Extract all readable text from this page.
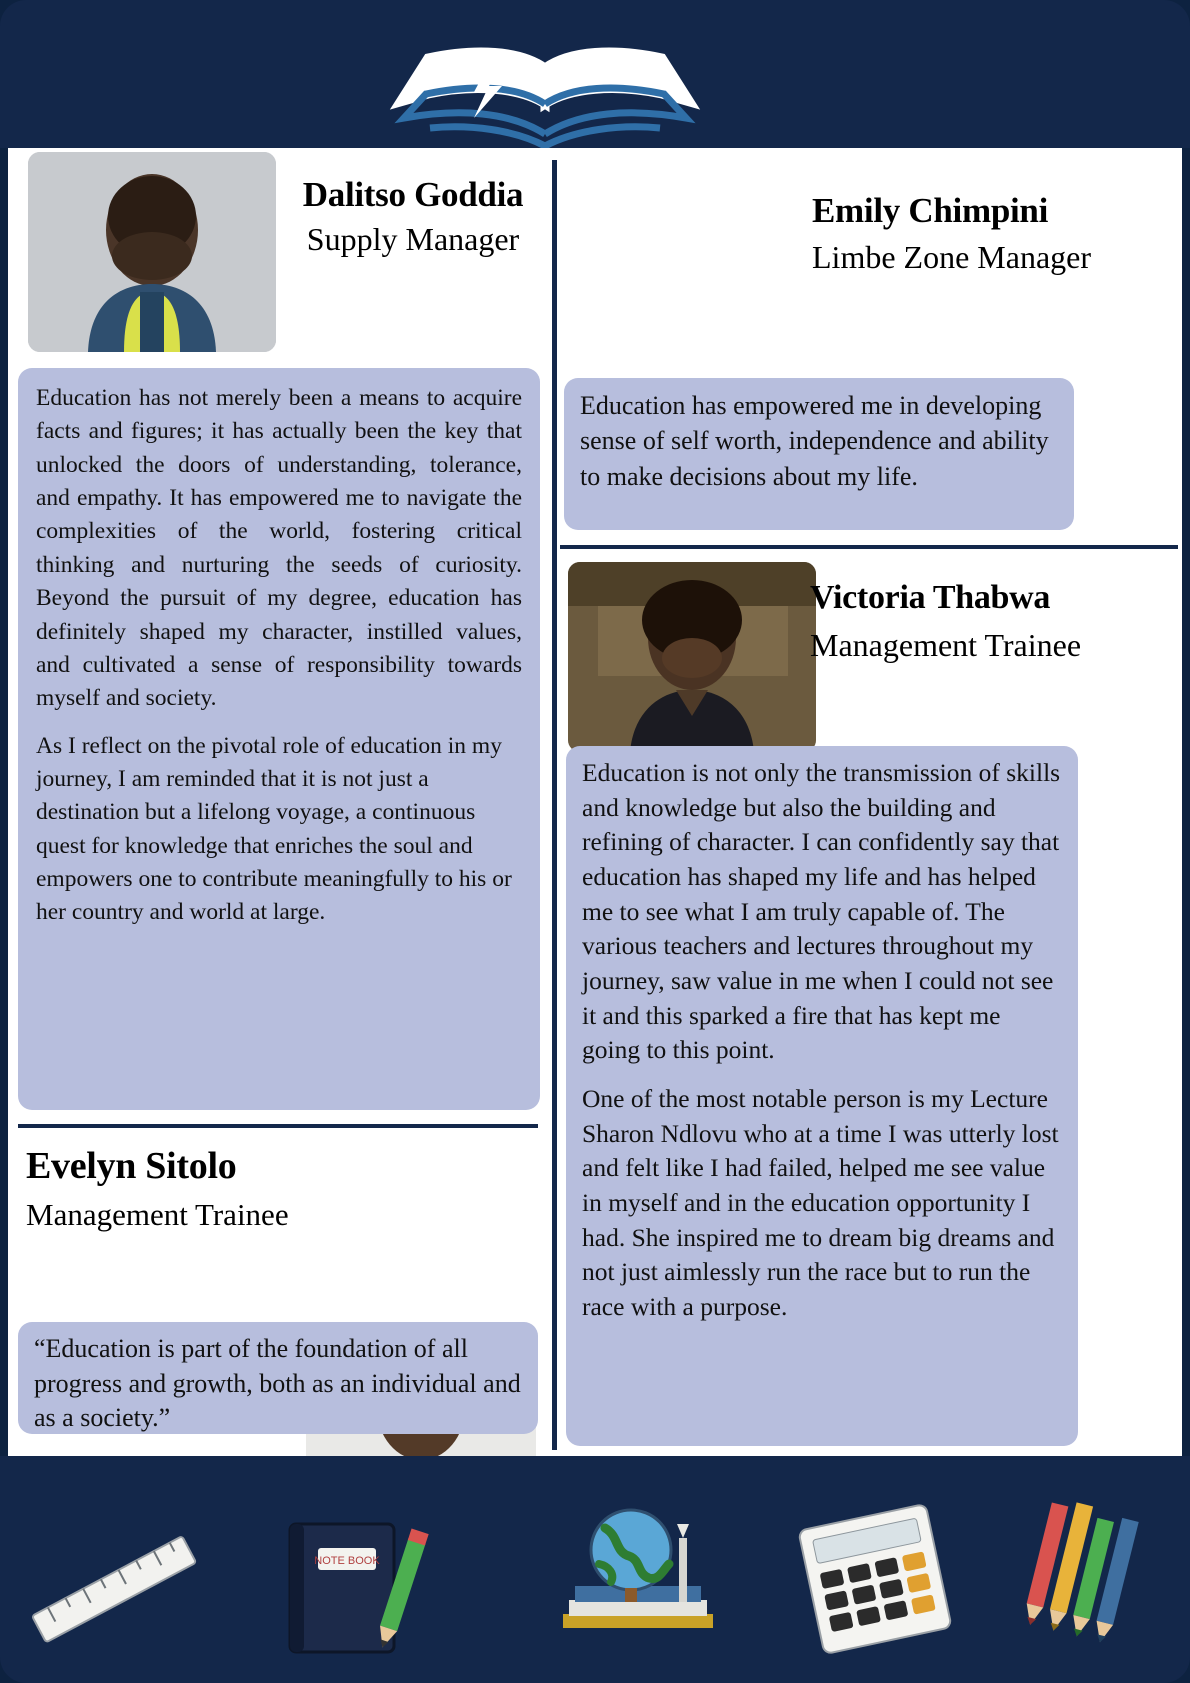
Dalitso Goddia
Supply Manager

Education has not merely been a means to acquire facts and figures; it has actually been the key that unlocked the doors of understanding, tolerance, and empathy. It has empowered me to navigate the complexities of the world, fostering critical thinking and nurturing the seeds of curiosity. Beyond the pursuit of my degree, education has definitely shaped my character, instilled values, and cultivated a sense of responsibility towards myself and society.

As I reflect on the pivotal role of education in my journey, I am reminded that it is not just a destination but a lifelong voyage, a continuous quest for knowledge that enriches the soul and empowers one to contribute meaningfully to his or her country and world at large.

Evelyn Sitolo
Management Trainee

“Education is part of the foundation of all progress and growth, both as an individual and as a society.”

Emily Chimpini
Limbe Zone Manager

Education has empowered me in developing sense of self worth, independence and ability to make decisions about my life.

Victoria Thabwa
Management Trainee

Education is not only the transmission of skills and knowledge but also the building and refining of character. I can confidently say that education has shaped my life and has helped me to see what I am truly capable of. The various teachers and lectures throughout my journey, saw value in me when I could not see it and this sparked a fire that has kept me going to this point.

One of the most notable person is my Lecture Sharon Ndlovu who at a time I was utterly lost and felt like I had failed, helped me see value in myself and in the education opportunity I had. She inspired me to dream big dreams and not just aimlessly run the race but to run the race with a purpose.

NOTE BOOK
